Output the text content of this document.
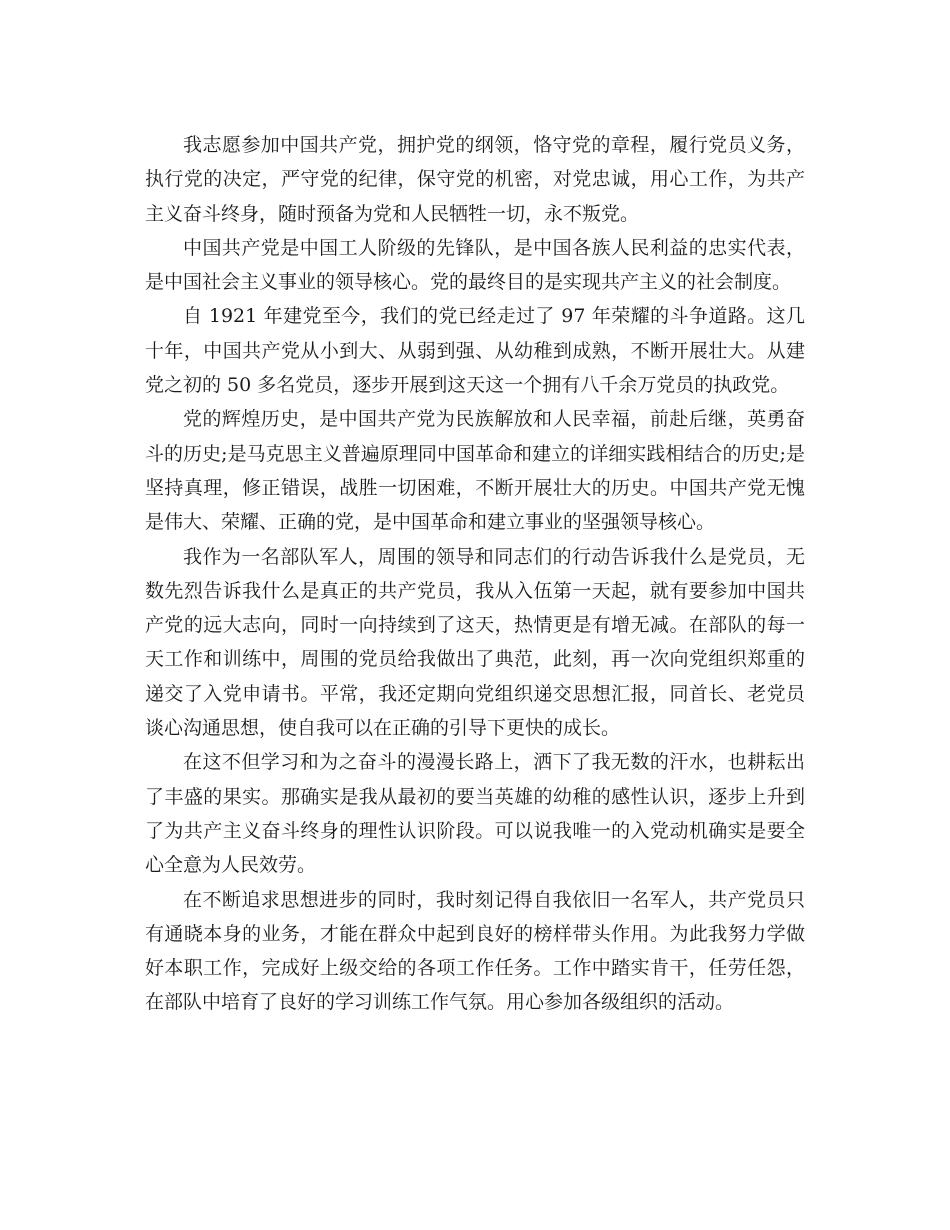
我志愿参加中国共产党，拥护党的纲领，恪守党的章程，履行党员义务，执行党的决定，严守党的纪律，保守党的机密，对党忠诚，用心工作，为共产主义奋斗终身，随时预备为党和人民牺牲一切，永不叛党。

中国共产党是中国工人阶级的先锋队，是中国各族人民利益的忠实代表，是中国社会主义事业的领导核心。党的最终目的是实现共产主义的社会制度。

自 1921 年建党至今，我们的党已经走过了 97 年荣耀的斗争道路。这几十年，中国共产党从小到大、从弱到强、从幼稚到成熟，不断开展壮大。从建党之初的 50 多名党员，逐步开展到这天这一个拥有八千余万党员的执政党。

党的辉煌历史，是中国共产党为民族解放和人民幸福，前赴后继，英勇奋斗的历史;是马克思主义普遍原理同中国革命和建立的详细实践相结合的历史;是坚持真理，修正错误，战胜一切困难，不断开展壮大的历史。中国共产党无愧是伟大、荣耀、正确的党，是中国革命和建立事业的坚强领导核心。

我作为一名部队军人，周围的领导和同志们的行动告诉我什么是党员，无数先烈告诉我什么是真正的共产党员，我从入伍第一天起，就有要参加中国共产党的远大志向，同时一向持续到了这天，热情更是有增无减。在部队的每一天工作和训练中，周围的党员给我做出了典范，此刻，再一次向党组织郑重的递交了入党申请书。平常，我还定期向党组织递交思想汇报，同首长、老党员谈心沟通思想，使自我可以在正确的引导下更快的成长。

在这不但学习和为之奋斗的漫漫长路上，洒下了我无数的汗水，也耕耘出了丰盛的果实。那确实是我从最初的要当英雄的幼稚的感性认识，逐步上升到了为共产主义奋斗终身的理性认识阶段。可以说我唯一的入党动机确实是要全心全意为人民效劳。

在不断追求思想进步的同时，我时刻记得自我依旧一名军人，共产党员只有通晓本身的业务，才能在群众中起到良好的榜样带头作用。为此我努力学做好本职工作，完成好上级交给的各项工作任务。工作中踏实肯干，任劳任怨，在部队中培育了良好的学习训练工作气氛。用心参加各级组织的活动。
